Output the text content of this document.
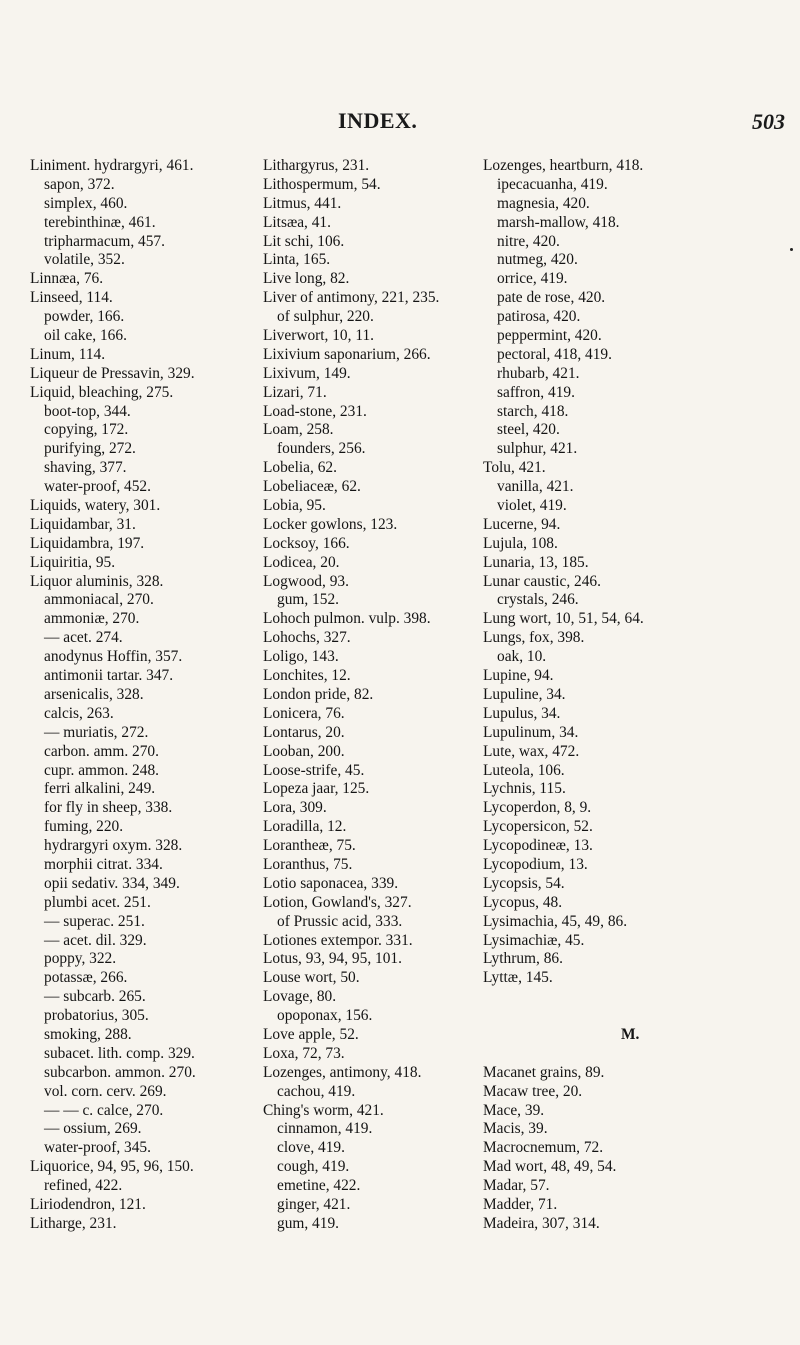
INDEX.	503
Liniment. hydrargyri, 461.
sapon, 372.
simplex, 460.
terebinthinæ, 461.
tripharmacum, 457.
volatile, 352.
Linnæa, 76.
Linseed, 114.
powder, 166.
oil cake, 166.
Linum, 114.
Liqueur de Pressavin, 329.
Liquid, bleaching, 275.
boot-top, 344.
copying, 172.
purifying, 272.
shaving, 377.
water-proof, 452.
Liquids, watery, 301.
Liquidambar, 31.
Liquidambra, 197.
Liquiritia, 95.
Liquor aluminis, 328.
ammoniacal, 270.
ammoniæ, 270.
— acet. 274.
anodynus Hoffin, 357.
antimonii tartar. 347.
arsenicalis, 328.
calcis, 263.
— muriatis, 272.
carbon. amm. 270.
cupr. ammon. 248.
ferri alkalini, 249.
for fly in sheep, 338.
fuming, 220.
hydrargyri oxym. 328.
morphii citrat. 334.
opii sedativ. 334, 349.
plumbi acet. 251.
— superac. 251.
— acet. dil. 329.
poppy, 322.
potassæ, 266.
— subcarb. 265.
probatorius, 305.
smoking, 288.
subacet. lith. comp. 329.
subcarbon. ammon. 270.
vol. corn. cerv. 269.
— — c. calce, 270.
— ossium, 269.
water-proof, 345.
Liquorice, 94, 95, 96, 150.
refined, 422.
Liriodendron, 121.
Litharge, 231.
Lithargyrus, 231.
Lithospermum, 54.
Litmus, 441.
Litsæa, 41.
Lit schi, 106.
Linta, 165.
Live long, 82.
Liver of antimony, 221, 235.
of sulphur, 220.
Liverwort, 10, 11.
Lixivium saponarium, 266.
Lixivum, 149.
Lizari, 71.
Load-stone, 231.
Loam, 258.
founders, 256.
Lobelia, 62.
Lobeliaceæ, 62.
Lobia, 95.
Locker gowlons, 123.
Locksoy, 166.
Lodicea, 20.
Logwood, 93.
gum, 152.
Lohoch pulmon. vulp. 398.
Lohochs, 327.
Loligo, 143.
Lonchites, 12.
London pride, 82.
Lonicera, 76.
Lontarus, 20.
Looban, 200.
Loose-strife, 45.
Lopeza jaar, 125.
Lora, 309.
Loradilla, 12.
Loranthеæ, 75.
Loranthus, 75.
Lotio saponacea, 339.
Lotion, Gowland's, 327.
of Prussic acid, 333.
Lotiones extempor. 331.
Lotus, 93, 94, 95, 101.
Louse wort, 50.
Lovage, 80.
opoponax, 156.
Love apple, 52.
Loxa, 72, 73.
Lozenges, antimony, 418.
cachou, 419.
Ching's worm, 421.
cinnamon, 419.
clove, 419.
cough, 419.
emetine, 422.
ginger, 421.
gum, 419.
Lozenges, heartburn, 418.
ipecacuanha, 419.
magnesia, 420.
marsh-mallow, 418.
nitre, 420.
nutmeg, 420.
orrice, 419.
pate de rose, 420.
patirosa, 420.
peppermint, 420.
pectoral, 418, 419.
rhubarb, 421.
saffron, 419.
starch, 418.
steel, 420.
sulphur, 421.
Tolu, 421.
vanilla, 421.
violet, 419.
Lucerne, 94.
Lujula, 108.
Lunaria, 13, 185.
Lunar caustic, 246.
crystals, 246.
Lung wort, 10, 51, 54, 64.
Lungs, fox, 398.
oak, 10.
Lupine, 94.
Lupuline, 34.
Lupulus, 34.
Lupulinum, 34.
Lute, wax, 472.
Luteola, 106.
Lychnis, 115.
Lycoperdon, 8, 9.
Lycopersicon, 52.
Lycopodineæ, 13.
Lycopodium, 13.
Lycopsis, 54.
Lycopus, 48.
Lysimachia, 45, 49, 86.
Lysimachiæ, 45.
Lythrum, 86.
Lyttæ, 145.
M.
Macanet grains, 89.
Macaw tree, 20.
Mace, 39.
Macis, 39.
Macrocnemum, 72.
Mad wort, 48, 49, 54.
Madar, 57.
Madder, 71.
Madeira, 307, 314.
